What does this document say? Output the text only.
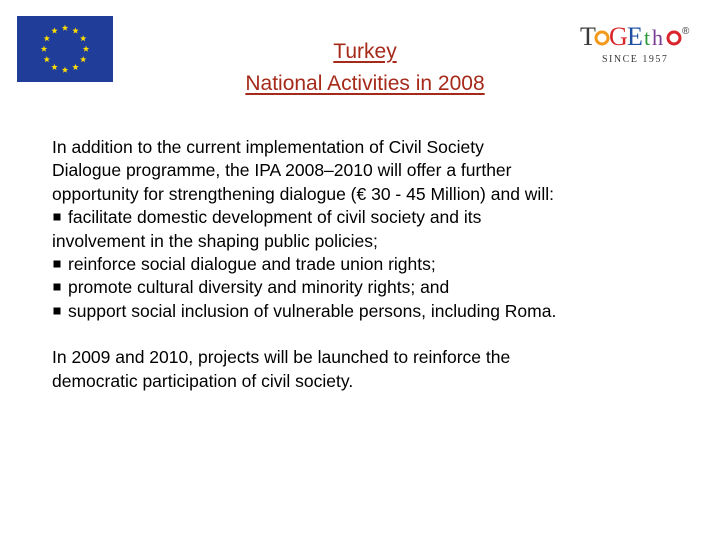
Turkey
National Activities in 2008
T G E t h ®
SINCE 1957

In addition to the current implementation of Civil Society

Dialogue programme, the IPA 2008–2010 will offer a further

opportunity for strengthening dialogue (€ 30 ‐ 45 Million) and will:

facilitate domestic development of civil society and its

involvement in the shaping public policies;

reinforce social dialogue and trade union rights;

promote cultural diversity and minority rights; and

support social inclusion of vulnerable persons, including Roma.

In 2009 and 2010, projects will be launched to reinforce the

democratic participation of civil society.
